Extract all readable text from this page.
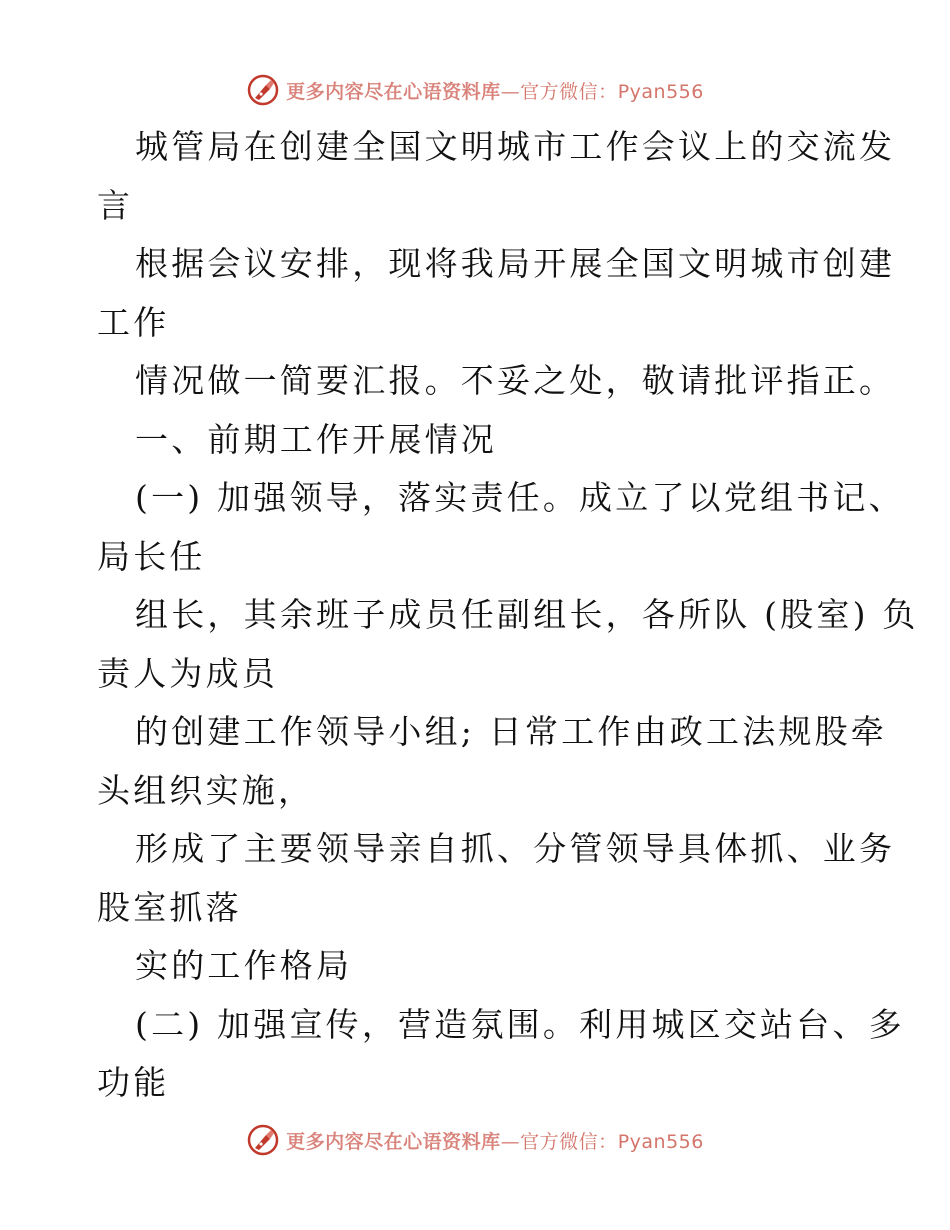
更多内容尽在心语资料库—官方微信：Pyan556
城管局在创建全国文明城市工作会议上的交流发
言
根据会议安排，现将我局开展全国文明城市创建
工作
情况做一简要汇报。不妥之处，敬请批评指正。
一、前期工作开展情况
(一) 加强领导，落实责任。成立了以党组书记、
局长任
组长，其余班子成员任副组长，各所队 (股室) 负
责人为成员
的创建工作领导小组; 日常工作由政工法规股牵
头组织实施，
形成了主要领导亲自抓、分管领导具体抓、业务
股室抓落
实的工作格局
(二) 加强宣传，营造氛围。利用城区交站台、多
功能
更多内容尽在心语资料库—官方微信：Pyan556
